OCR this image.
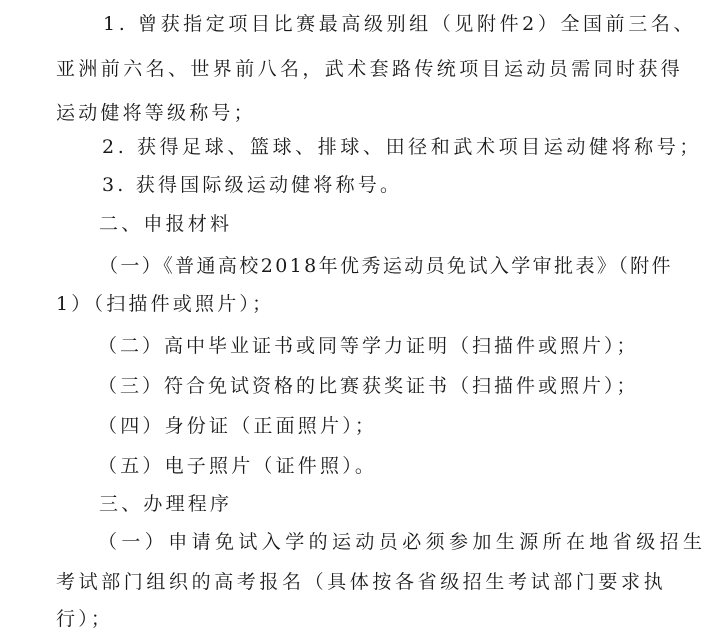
1. 曾获指定项目比赛最高级别组（见附件2）全国前三名、
亚洲前六名、世界前八名，武术套路传统项目运动员需同时获得
运动健将等级称号；
2. 获得足球、篮球、排球、田径和武术项目运动健将称号；
3. 获得国际级运动健将称号。
二、申报材料
（一）《普通高校2018年优秀运动员免试入学审批表》（附件
1）（扫描件或照片）；
（二）高中毕业证书或同等学力证明（扫描件或照片）；
（三）符合免试资格的比赛获奖证书（扫描件或照片）；
（四）身份证（正面照片）；
（五）电子照片（证件照）。
三、办理程序
（一）申请免试入学的运动员必须参加生源所在地省级招生
考试部门组织的高考报名（具体按各省级招生考试部门要求执
行）；
